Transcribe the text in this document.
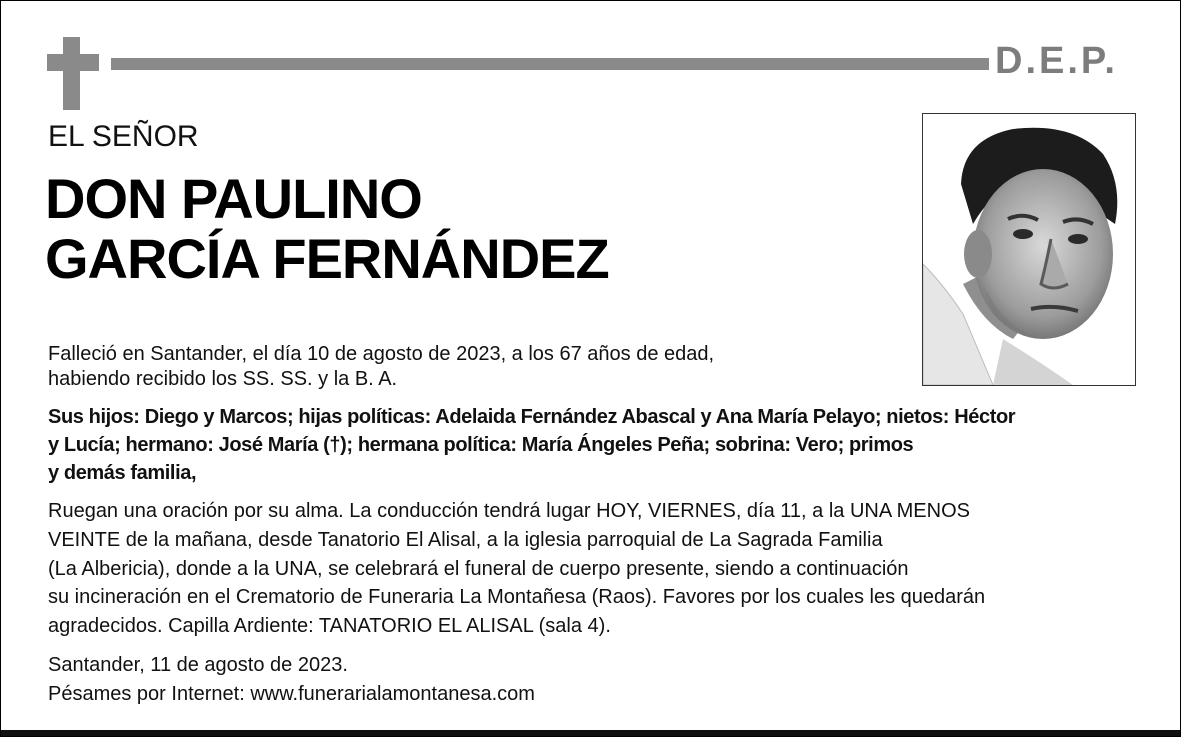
D.E.P.
EL SEÑOR
DON PAULINO
GARCÍA FERNÁNDEZ
Falleció en Santander, el día 10 de agosto de 2023, a los 67 años de edad,
habiendo recibido los SS. SS. y la B. A.
Sus hijos: Diego y Marcos; hijas políticas: Adelaida Fernández Abascal y Ana María Pelayo; nietos: Héctor
y Lucía; hermano: José María (†); hermana política: María Ángeles Peña; sobrina: Vero; primos
y demás familia,
Ruegan una oración por su alma. La conducción tendrá lugar HOY, VIERNES, día 11, a la UNA MENOS
VEINTE de la mañana, desde Tanatorio El Alisal, a la iglesia parroquial de La Sagrada Familia
(La Albericia), donde a la UNA, se celebrará el funeral de cuerpo presente, siendo a continuación
su incineración en el Crematorio de Funeraria La Montañesa (Raos). Favores por los cuales les quedarán
agradecidos. Capilla Ardiente: TANATORIO EL ALISAL (sala 4).
Santander, 11 de agosto de 2023.
Pésames por Internet: www.funerarialamontanesa.com
